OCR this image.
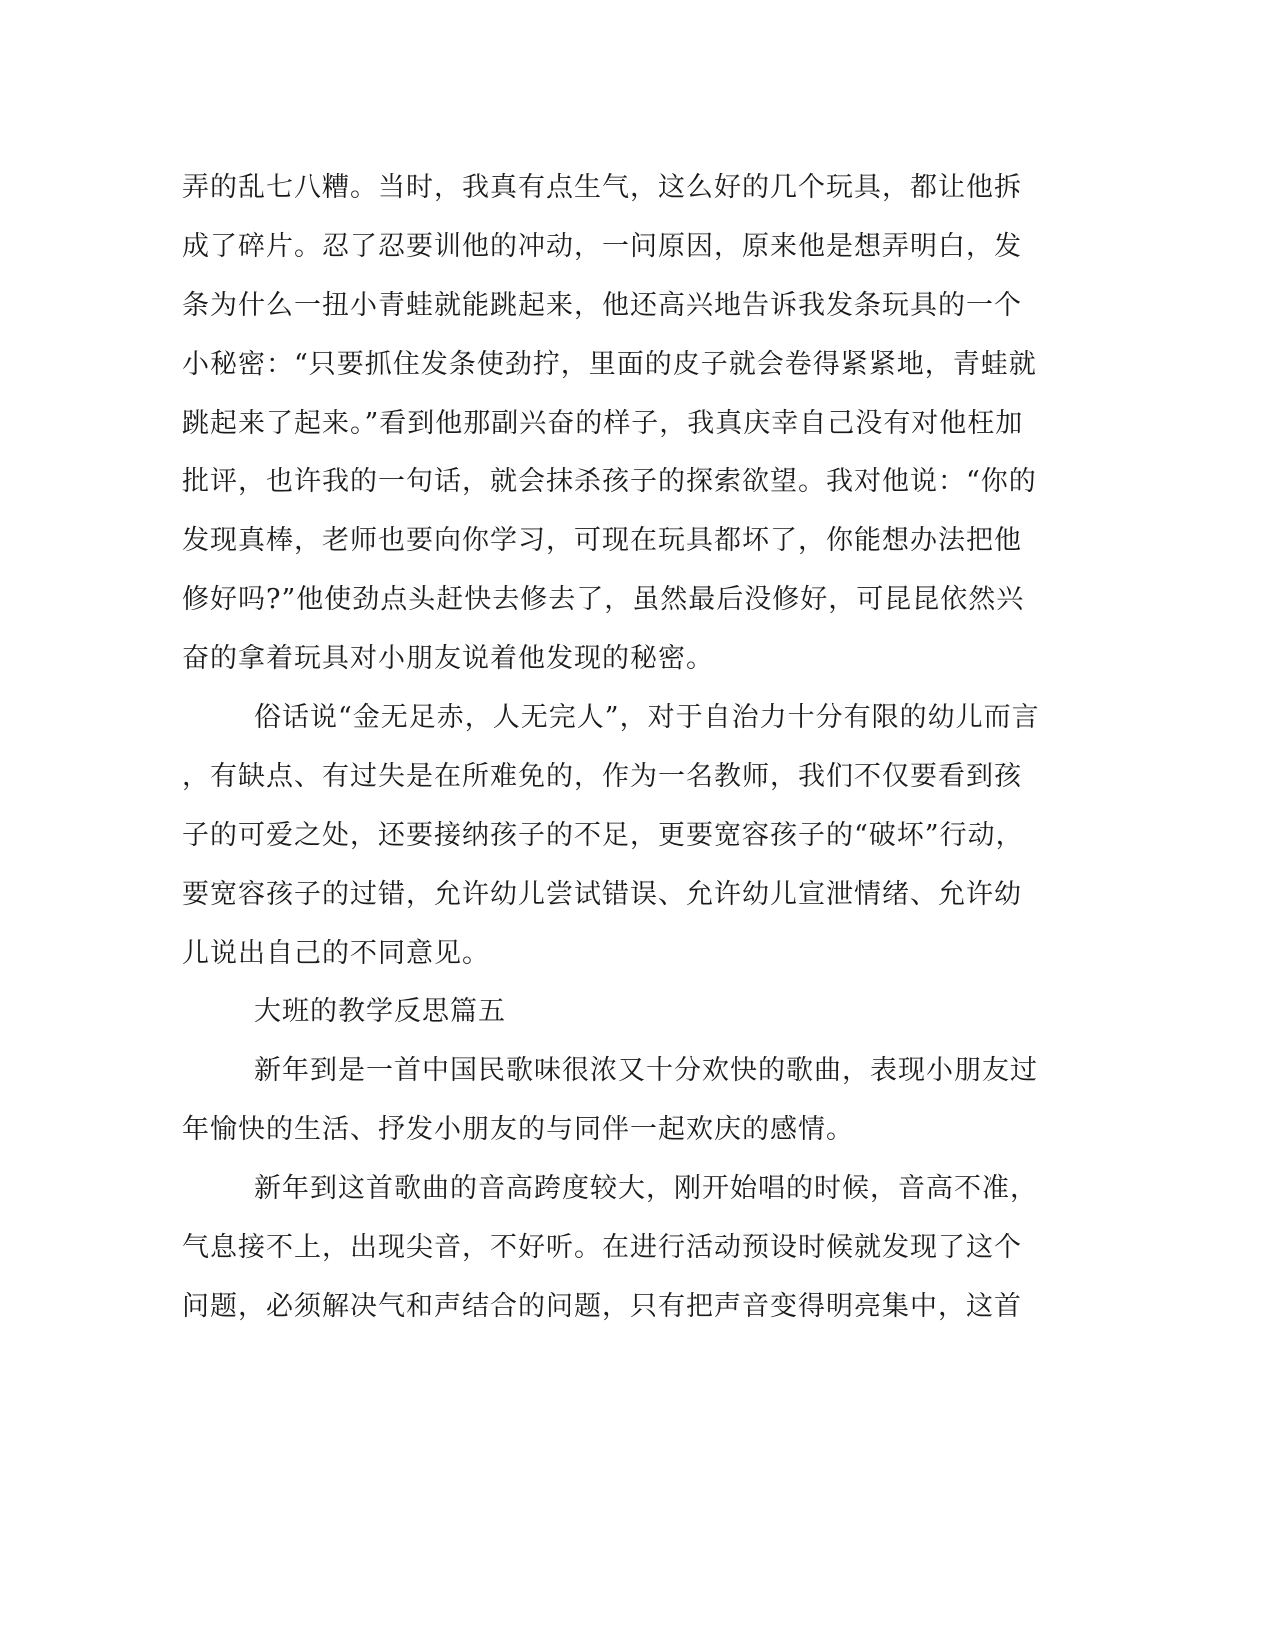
弄的乱七八糟。当时，我真有点生气，这么好的几个玩具，都让他拆
成了碎片。忍了忍要训他的冲动，一问原因，原来他是想弄明白，发
条为什么一扭小青蛙就能跳起来，他还高兴地告诉我发条玩具的一个
小秘密：“只要抓住发条使劲拧，里面的皮子就会卷得紧紧地，青蛙就
跳起来了起来。”看到他那副兴奋的样子，我真庆幸自己没有对他枉加
批评，也许我的一句话，就会抹杀孩子的探索欲望。我对他说：“你的
发现真棒，老师也要向你学习，可现在玩具都坏了，你能想办法把他
修好吗?”他使劲点头赶快去修去了，虽然最后没修好，可昆昆依然兴
奋的拿着玩具对小朋友说着他发现的秘密。
俗话说“金无足赤，人无完人”，对于自治力十分有限的幼儿而言
，有缺点、有过失是在所难免的，作为一名教师，我们不仅要看到孩
子的可爱之处，还要接纳孩子的不足，更要宽容孩子的“破坏”行动，
要宽容孩子的过错，允许幼儿尝试错误、允许幼儿宣泄情绪、允许幼
儿说出自己的不同意见。
大班的教学反思篇五
新年到是一首中国民歌味很浓又十分欢快的歌曲，表现小朋友过
年愉快的生活、抒发小朋友的与同伴一起欢庆的感情。
新年到这首歌曲的音高跨度较大，刚开始唱的时候，音高不准，
气息接不上，出现尖音，不好听。在进行活动预设时候就发现了这个
问题，必须解决气和声结合的问题，只有把声音变得明亮集中，这首
